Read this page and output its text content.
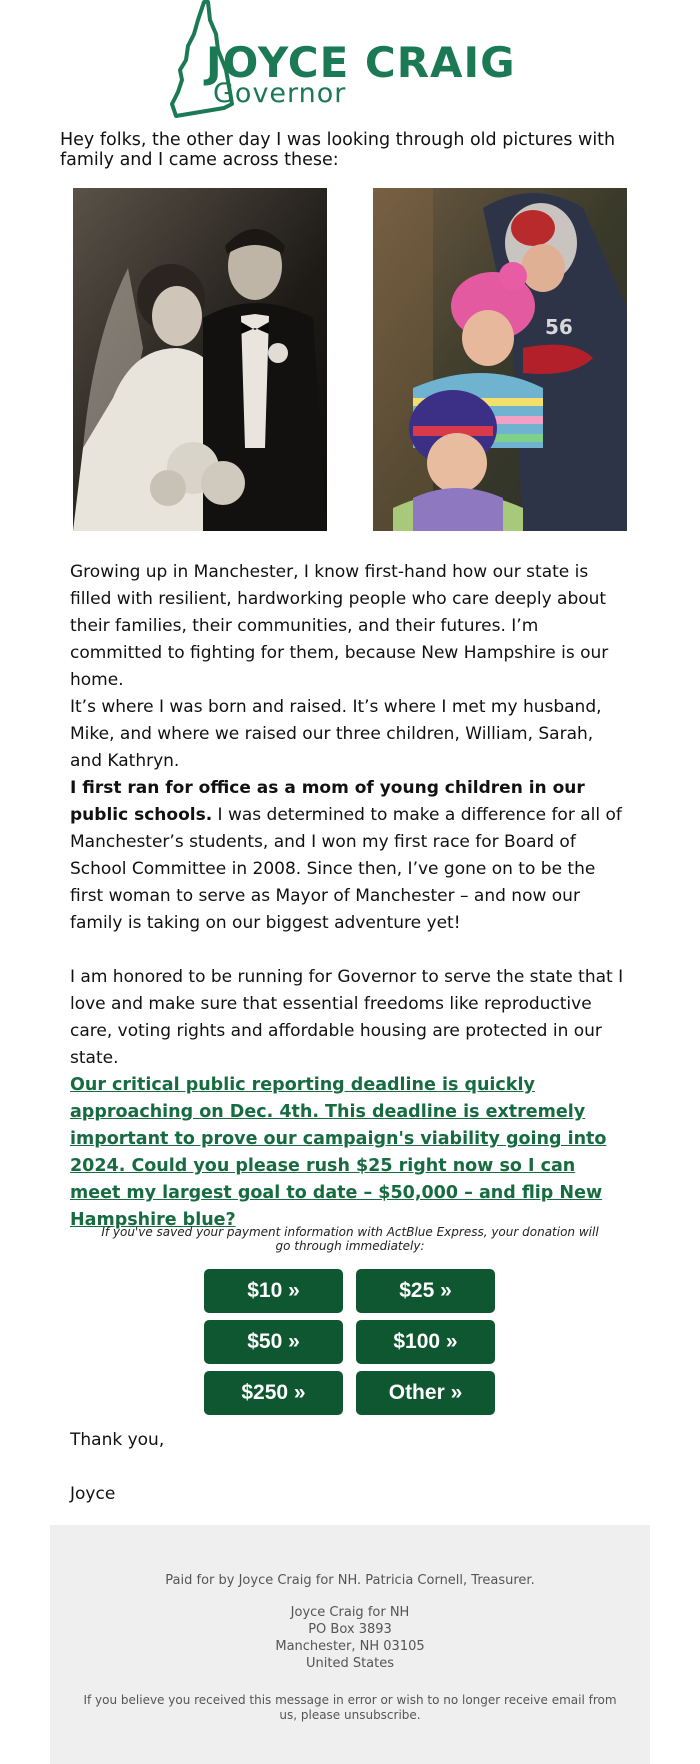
JOYCE CRAIG
Governor
Hey folks, the other day I was looking through old pictures with family and I came across these:
56
Growing up in Manchester, I know first-hand how our state is filled with resilient, hardworking people who care deeply about their families, their communities, and their futures. I’m committed to fighting for them, because New Hampshire is our home.
It’s where I was born and raised. It’s where I met my husband, Mike, and where we raised our three children, William, Sarah, and Kathryn.
I first ran for office as a mom of young children in our public schools. I was determined to make a difference for all of Manchester’s students, and I won my first race for Board of School Committee in 2008. Since then, I’ve gone on to be the first woman to serve as Mayor of Manchester – and now our family is taking on our biggest adventure yet!
I am honored to be running for Governor to serve the state that I love and make sure that essential freedoms like reproductive care, voting rights and affordable housing are protected in our state.
Our critical public reporting deadline is quickly approaching on Dec. 4th. This deadline is extremely important to prove our campaign's viability going into 2024. Could you please rush $25 right now so I can meet my largest goal to date – $50,000 – and flip New Hampshire blue?
If you've saved your payment information with ActBlue Express, your donation will go through immediately:
$10 »	$25 »
$50 »	$100 »
$250 »	Other »
Thank you,
Joyce
Paid for by Joyce Craig for NH. Patricia Cornell, Treasurer.
Joyce Craig for NH
PO Box 3893
Manchester, NH 03105
United States
If you believe you received this message in error or wish to no longer receive email from us, please unsubscribe.
